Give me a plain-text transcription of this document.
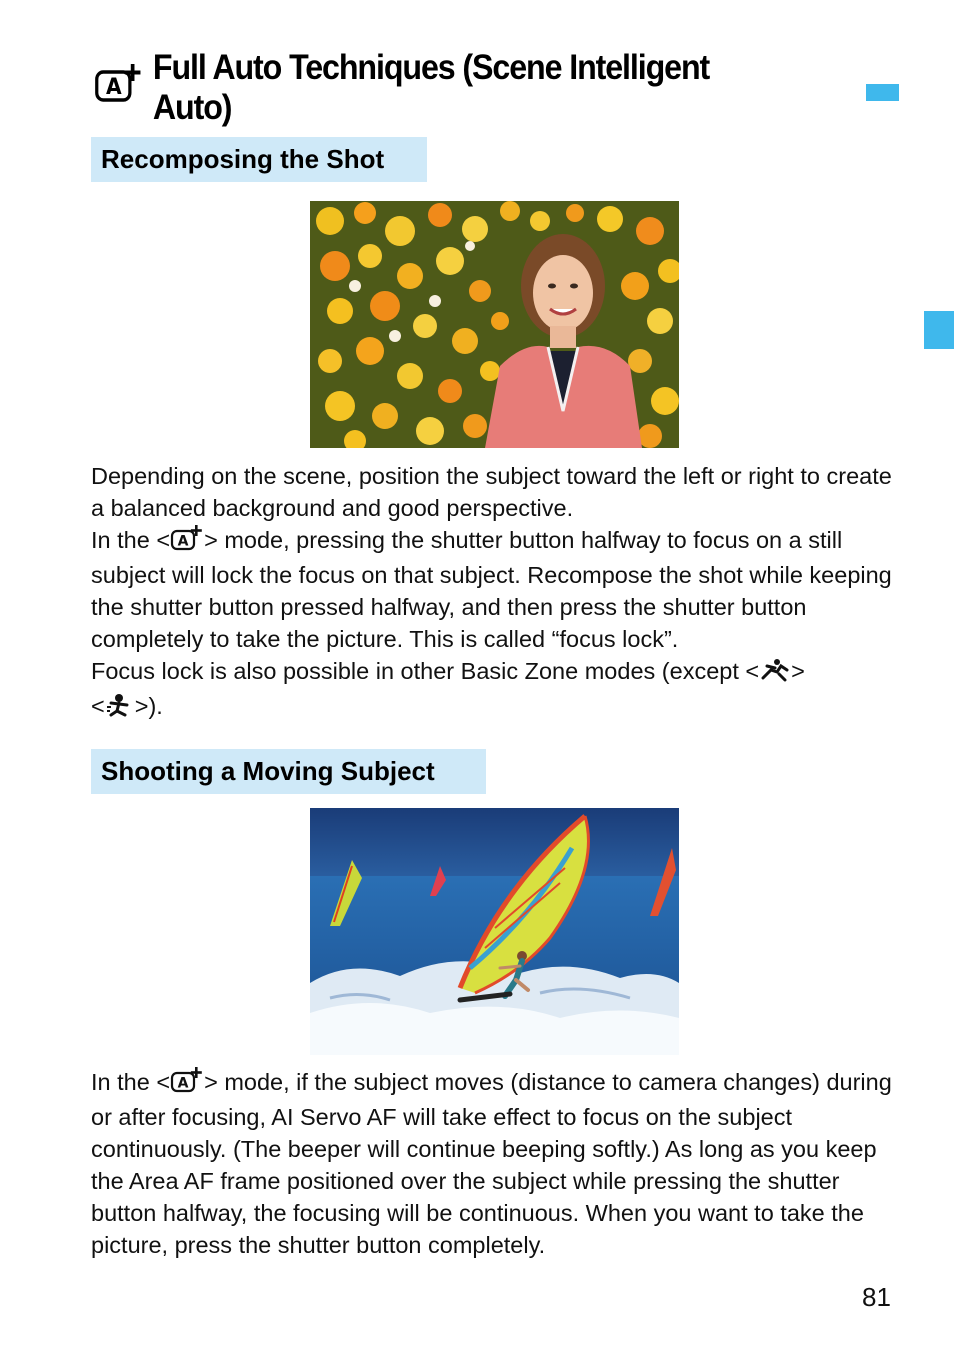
A Full Auto Techniques (Scene Intelligent Auto)
Recomposing the Shot

Depending on the scene, position the subject toward the left or right to create a balanced background and good perspective.

In the < A > mode, pressing the shutter button halfway to focus on a still subject will lock the focus on that subject. Recompose the shot while keeping the shutter button pressed halfway, and then press the shutter button completely to take the picture. This is called “focus lock”.

Focus lock is also possible in other Basic Zone modes (except < >
< >).

Shooting a Moving Subject

In the < A > mode, if the subject moves (distance to camera changes) during or after focusing, AI Servo AF will take effect to focus on the subject continuously. (The beeper will continue beeping softly.) As long as you keep the Area AF frame positioned over the subject while pressing the shutter button halfway, the focusing will be continuous. When you want to take the picture, press the shutter button completely.

81
